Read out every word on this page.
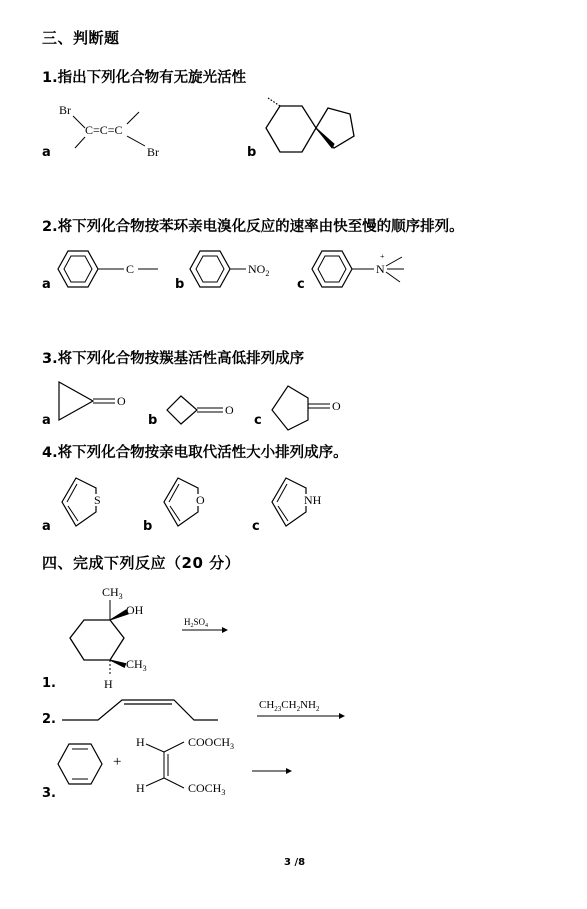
三、判断题
1.指出下列化合物有无旋光活性
a	b
Br
C=C=C
Br
2.将下列化合物按苯环亲电溴化反应的速率由快至慢的顺序排列。
a	b	c
C	$NO_2$
+
N
3.将下列化合物按羰基活性高低排列成序
a	b	c
O
O	O
4.将下列化合物按亲电取代活性大小排列成序。
a	b	c
S	O	NH
四、完成下列反应（20 分）
1.
$CH_3$
OH
$CH_3$
H
$H_2SO_4$
2.
$CH_{23}CH_2NH_2$
3.
+
H	$COOCH_3$
H	$COCH_3$
3 /8
